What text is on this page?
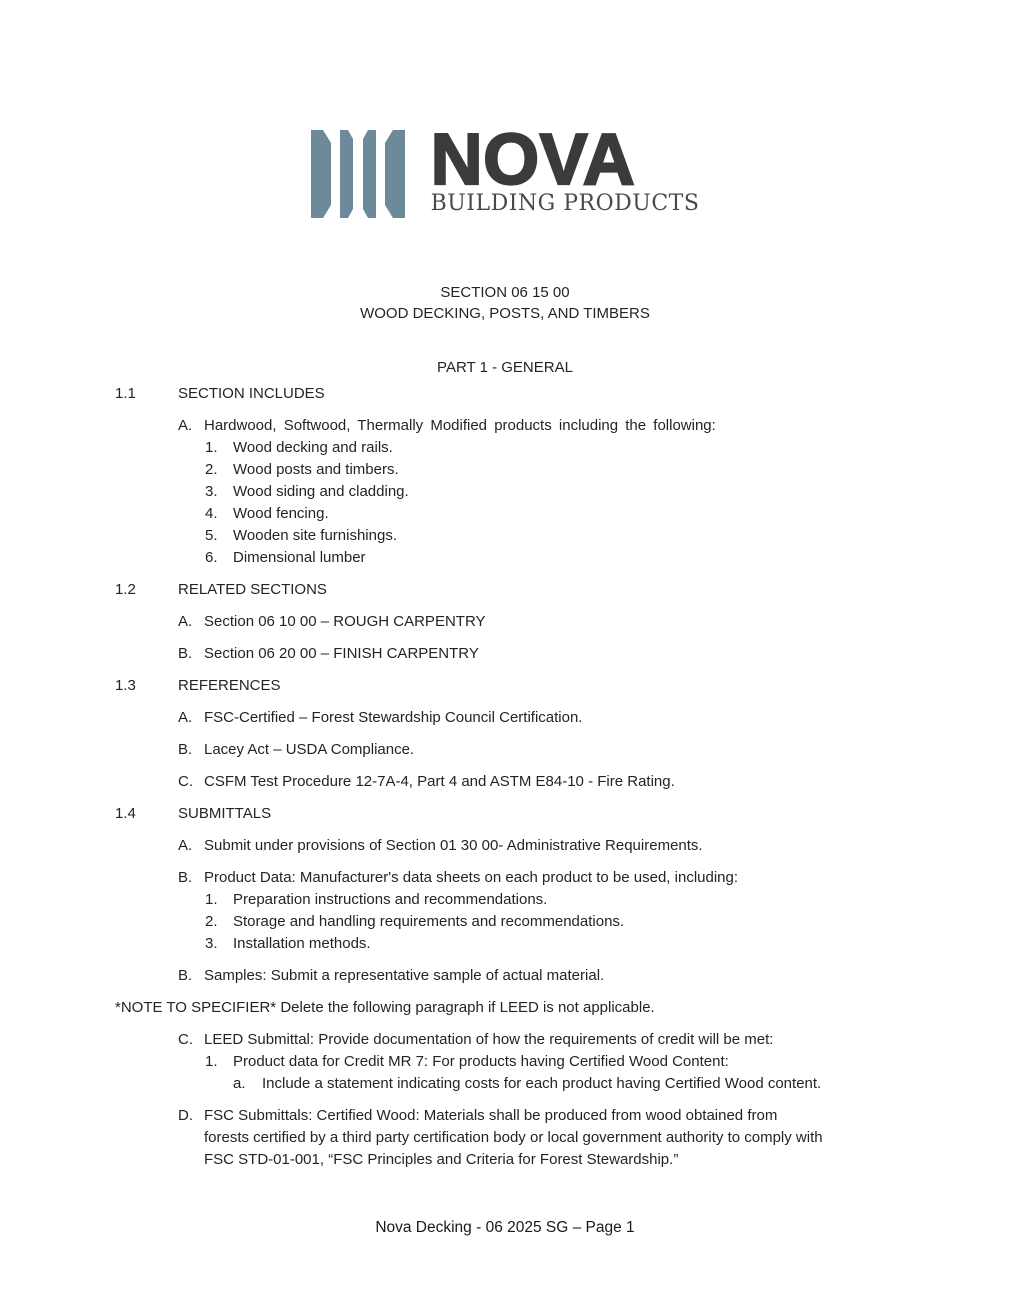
NOVA
BUILDING PRODUCTS
SECTION 06 15 00
WOOD DECKING, POSTS, AND TIMBERS
PART 1 - GENERAL
1.1	SECTION INCLUDES
A. Hardwood, Softwood, Thermally Modified products including the following:
1.	Wood decking and rails.
2.	Wood posts and timbers.
3.	Wood siding and cladding.
4.	Wood fencing.
5.	Wooden site furnishings.
6.	Dimensional lumber
1.2	RELATED SECTIONS
A. Section 06 10 00 – ROUGH CARPENTRY
B. Section 06 20 00 – FINISH CARPENTRY
1.3	REFERENCES
A. FSC-Certified – Forest Stewardship Council Certification.
B. Lacey Act – USDA Compliance.
C. CSFM Test Procedure 12-7A-4, Part 4 and ASTM E84-10 - Fire Rating.
1.4	SUBMITTALS
A. Submit under provisions of Section 01 30 00- Administrative Requirements.
B. Product Data: Manufacturer's data sheets on each product to be used, including:
1.	Preparation instructions and recommendations.
2.	Storage and handling requirements and recommendations.
3.	Installation methods.
B. Samples: Submit a representative sample of actual material.
*NOTE TO SPECIFIER* Delete the following paragraph if LEED is not applicable.
C. LEED Submittal: Provide documentation of how the requirements of credit will be met:
1.	Product data for Credit MR 7: For products having Certified Wood Content:
a.	Include a statement indicating costs for each product having Certified Wood content.
D. FSC Submittals: Certified Wood: Materials shall be produced from wood obtained from
forests certified by a third party certification body or local government authority to comply with
FSC STD-01-001, “FSC Principles and Criteria for Forest Stewardship.”
Nova Decking - 06 2025 SG – Page 1
